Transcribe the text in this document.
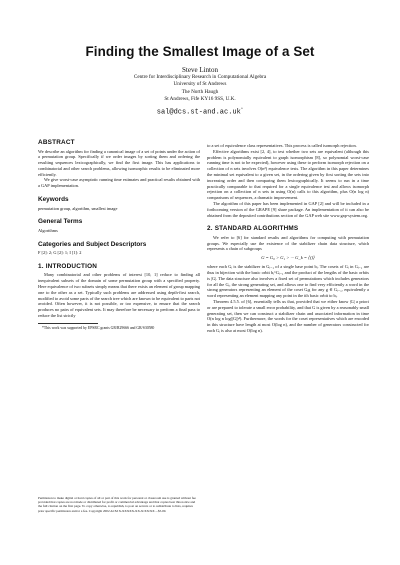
Finding the Smallest Image of a Set
Steve Linton
Centre for Interdisciplinary Research in Computational Algebra
University of St Andrews
The North Haugh
St Andrews, Fife KY16 9SS, U.K.
sal@dcs.st-and.ac.uk*
ABSTRACT

We describe an algorithm for finding a canonical image of a set of points under the action of a permutation group. Specifically if we order images by sorting them and ordering the resulting sequences lexicographically, we find the first image. This has applications to combinatorial and other search problems, allowing isomorphic results to be eliminated more efficiently.

We give worst-case asymptotic running time estimates and practical results obtained with a GAP implementation.

Keywords

permutation group, algorithm, smallest image

General Terms

Algorithms

Categories and Subject Descriptors

F [2]: 2; G [2]: 1; I [1]: 2

1. INTRODUCTION

Many combinatorial and other problems of interest [10, 1] reduce to finding all inequivalent subsets of the domain of some permutation group with a specified property. Here equivalence of two subsets simply means that there exists an element of group mapping one to the other as a set. Typically such problems are addressed using depth-first search, modified to avoid some parts of the search tree which are known to be equivalent to parts not avoided. Often however, it is not possible, or too expensive, to ensure that the search produces no pairs of equivalent sets. It may therefore be necessary to perform a final pass to reduce the list strictly

*This work was supported by EPSRC grants GR/R29666 and GR/S30580

Permission to make digital or hard copies of all or part of this work for personal or classroom use is granted without fee provided that copies are not made or distributed for profit or commercial advantage and that copies bear this notice and the full citation on the first page. To copy otherwise, to republish, to post on servers or to redistribute to lists, requires prior specific permission and/or a fee. Copyright 2002 ACM X-XXXXX-XX-X/XX/XX ...$5.00.

to a set of equivalence class representatives. This process is called isomorph rejection.

Effective algorithms exist [2, 4], to test whether two sets are equivalent (although this problem is polynomially equivalent to graph isomorphism [8], so polynomial worst-case running time is not to be expected), however using these to perform isomorph rejection on a collection of n sets involves O(n²) equivalence tests. The algorithm in this paper determines the minimal set equivalent to a given set, in the ordering given by first sorting the sets into increasing order and then comparing them lexicographically. It seems to run in a time practically comparable to that required for a single equivalence test and allows isomorph rejection on a collection of n sets in using O(n) calls to this algorithm, plus O(n log n) comparisons of sequences, a dramatic improvement.

The algorithm of this paper has been implemented in GAP [2] and will be included in a forthcoming version of the GRAPE [9] share package. An implementation of it can also be obtained from the deposited contributions section of the GAP web site www.gap-system.org.

2. STANDARD ALGORITHMS

We refer to [6] for standard results and algorithms for computing with permutation groups. We especially use the existence of the stabilizer chain data structure, which represents a chain of subgroups

G = G₀ > G₁ > ··· G_k = ⟨()⟩

where each Gᵢ is the stabilizer in Gᵢ₋₁ of a single base point bᵢ. The cosets of Gᵢ in Gᵢ₋₁ are thus in bijection with the basic orbit bᵢ^Gᵢ₋₁ and the product of the lengths of the basic orbits is |G|. The data structure also involves a fixed set of permutations which includes generators for all the Gᵢ, the strong generating set, and allows one to find very efficiently a word in the strong generators representing an element of the coset Gᵢg for any g ∈ Gᵢ₋₁, equivalently a word representing an element mapping any point in the ith basic orbit to bᵢ.

Theorem 4.5.5. of [6], essentially tells us that, provided that we either know |G| a priori or are prepared to tolerate a small error probability, and that G is given by a reasonably small generating set, then we can construct a stabilizer chain and associated information in time O(n log n log(|G|)⁴). Furthermore, the words for the coset representatives which are encoded in this structure have length at most O(log n), and the number of generators constructed for each Gᵢ is also at most O(log n).
